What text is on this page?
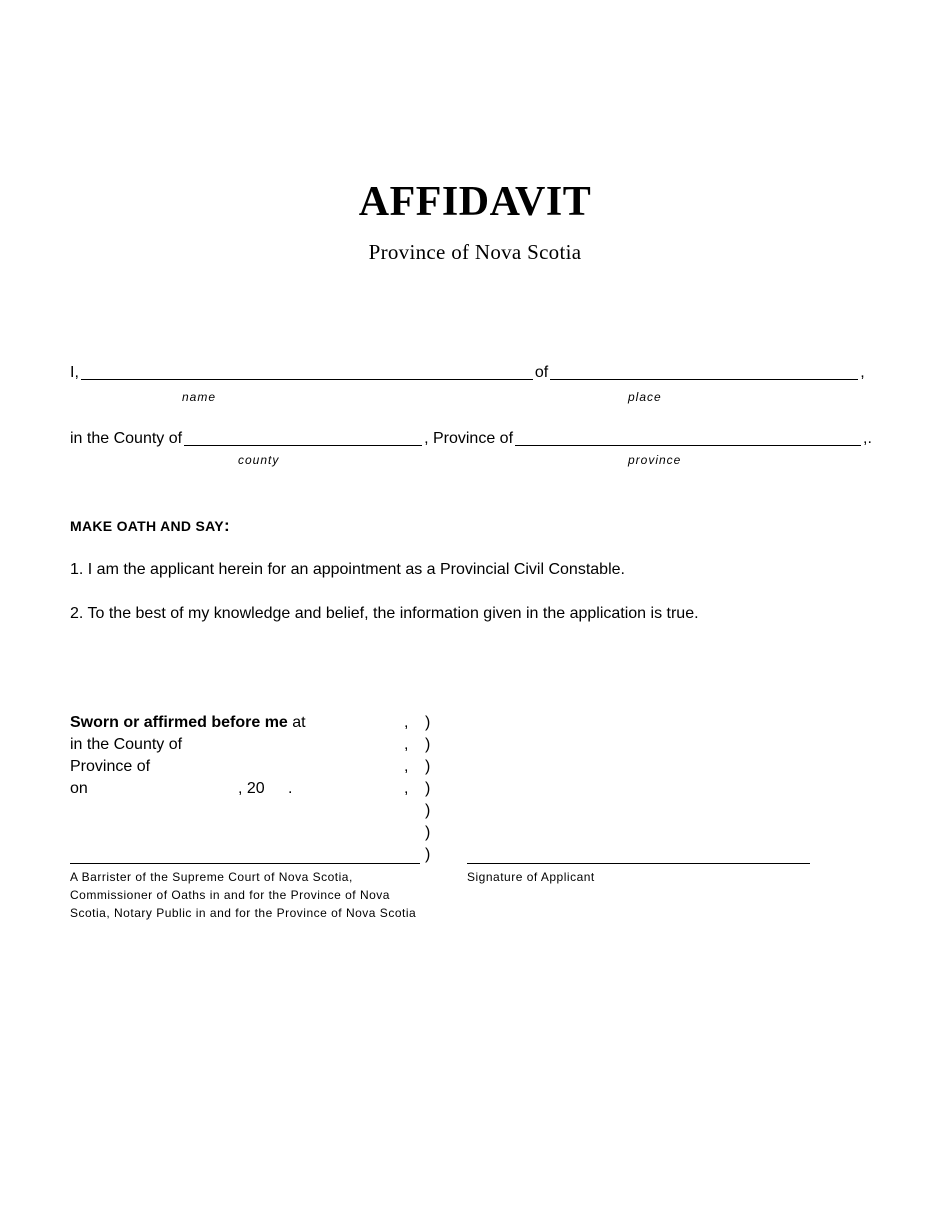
AFFIDAVIT
Province of Nova Scotia
I,	of	,
name	place
in the County of	, Province of	,.
county	province
MAKE OATH AND SAY:
1. I am the applicant herein for an appointment as a Provincial Civil Constable.
2. To the best of my knowledge and belief, the information given in the application is true.
Sworn or affirmed before me at	, )
in the County of	, )
Province of	, )
on	, 20 .	, )
)
)
)
A Barrister of the Supreme Court of Nova Scotia,
Commissioner of Oaths in and for the Province of Nova
Scotia, Notary Public in and for the Province of Nova Scotia
Signature of Applicant
